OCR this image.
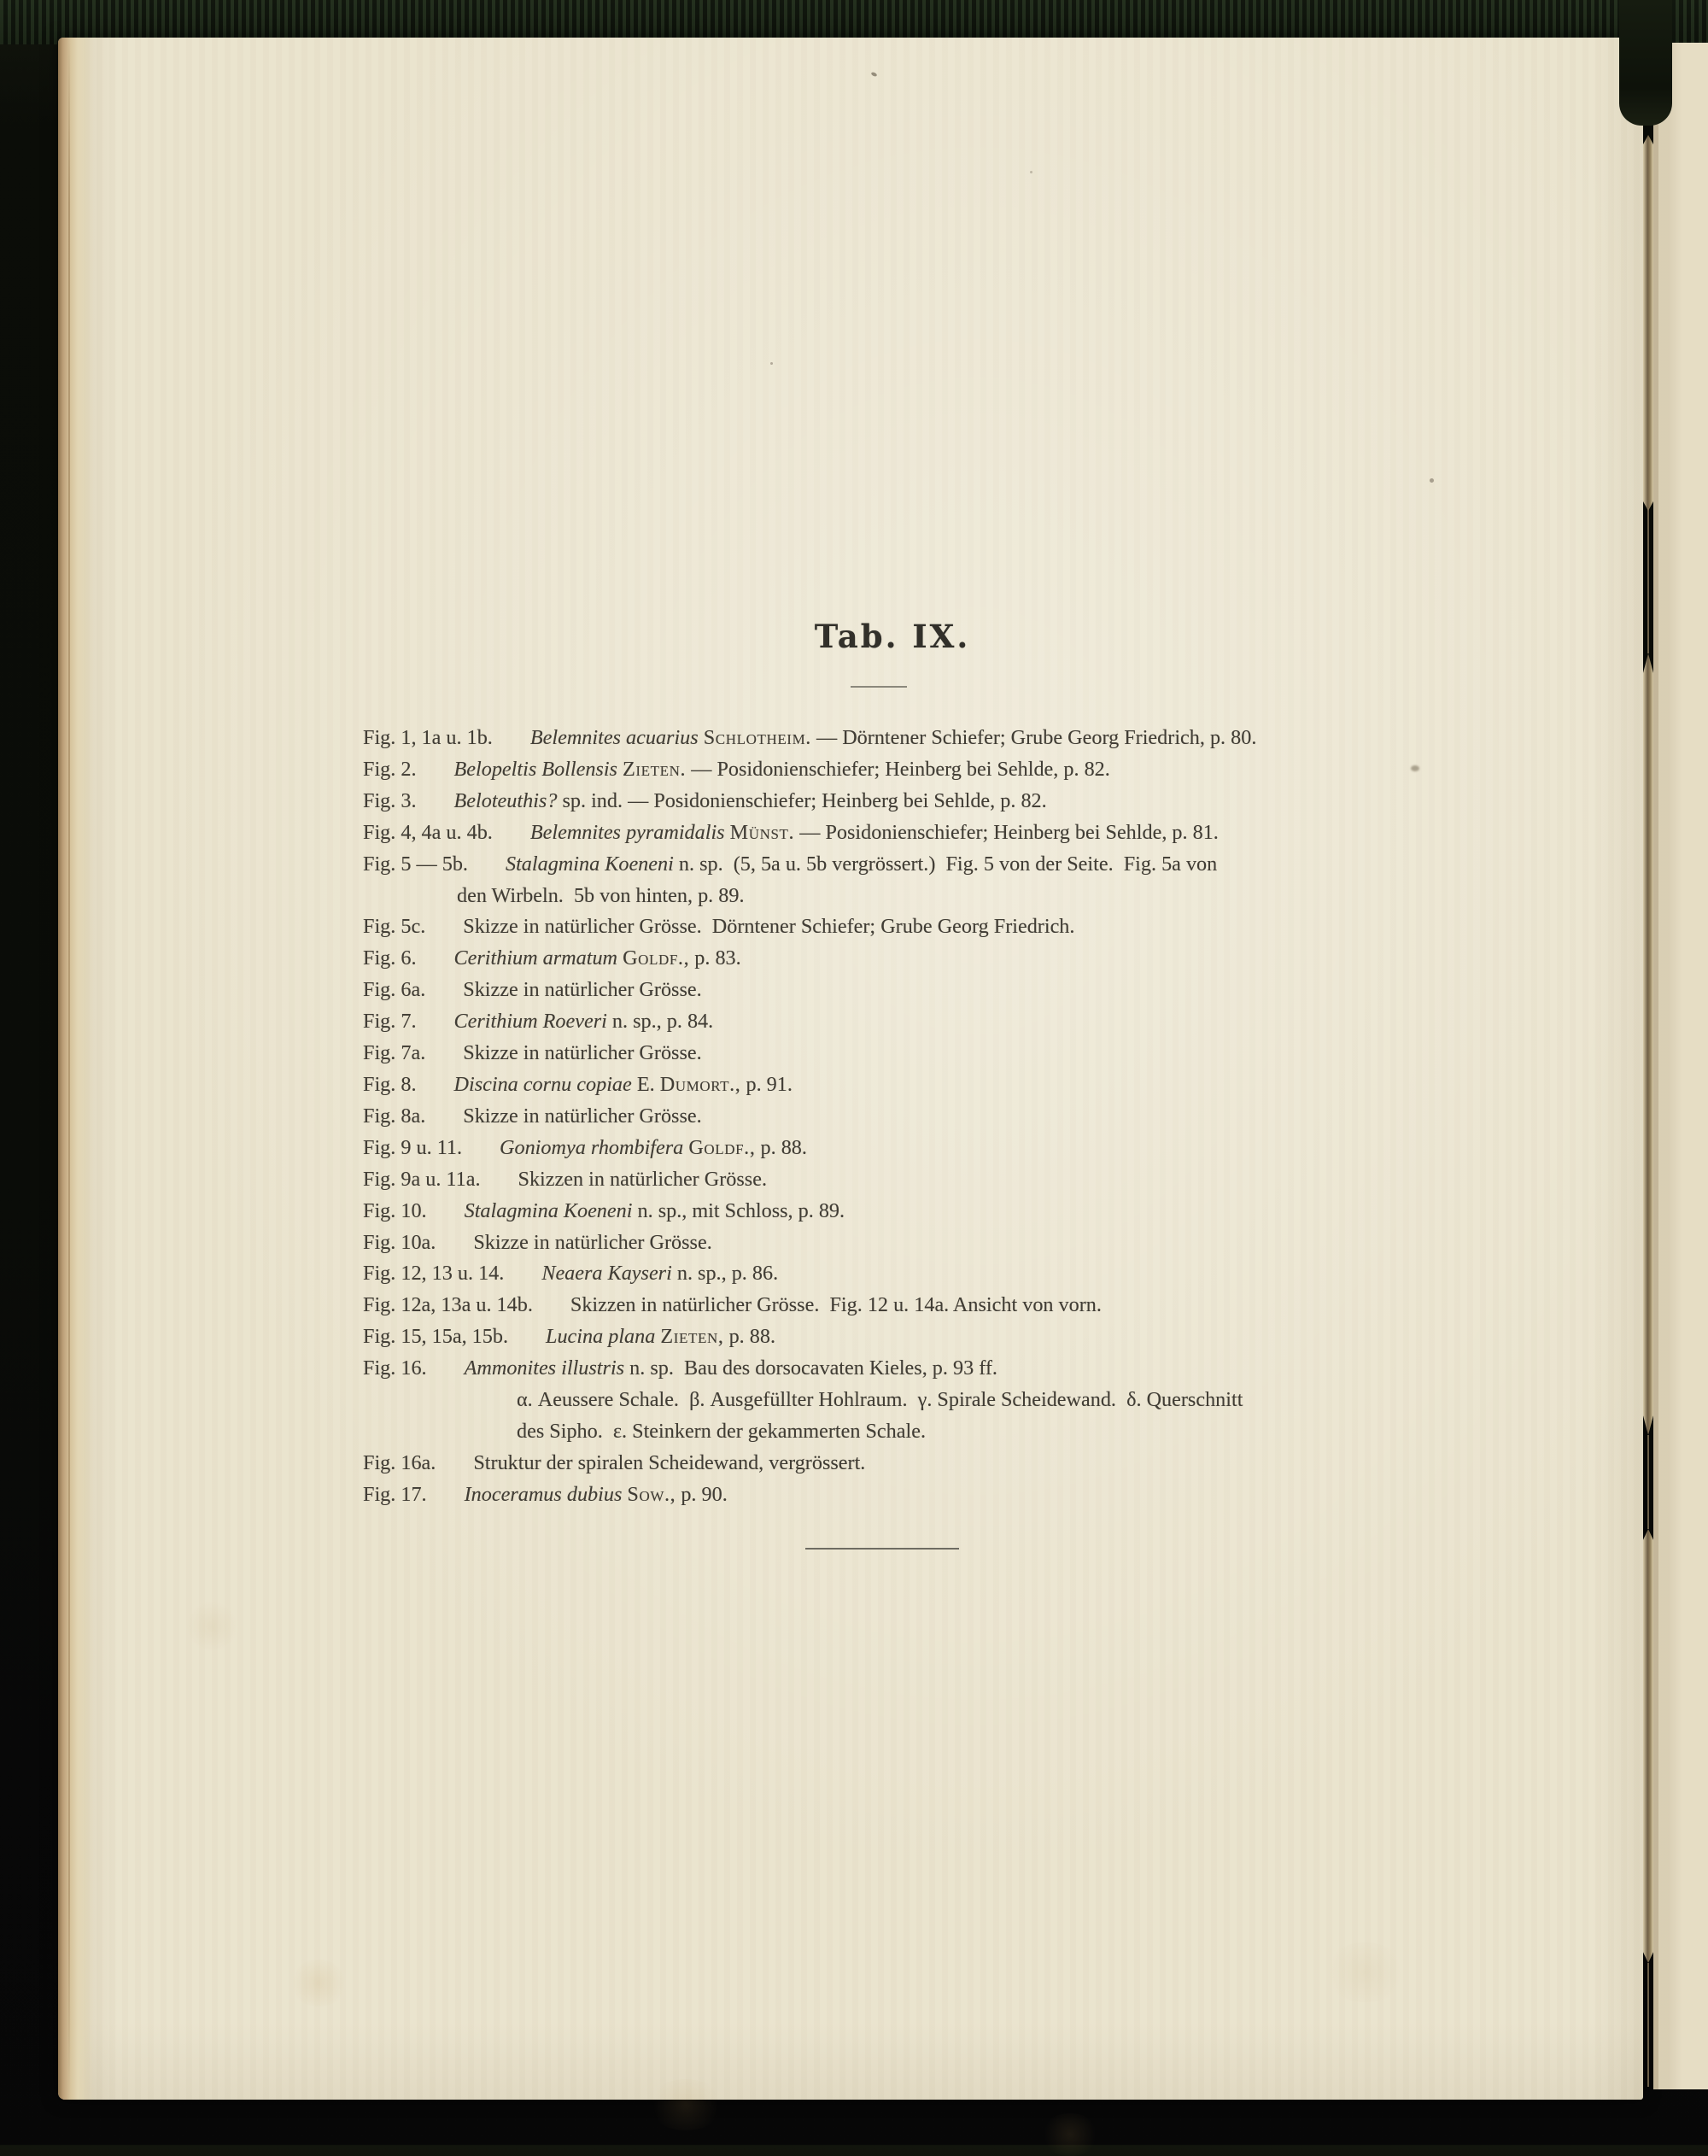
Tab. IX.
Fig. 1, 1a u. 1b. Belemnites acuarius Schlotheim. — Dörntener Schiefer; Grube Georg Friedrich, p. 80.
Fig. 2. Belopeltis Bollensis Zieten. — Posidonienschiefer; Heinberg bei Sehlde, p. 82.
Fig. 3. Beloteuthis? sp. ind. — Posidonienschiefer; Heinberg bei Sehlde, p. 82.
Fig. 4, 4a u. 4b. Belemnites pyramidalis Münst. — Posidonienschiefer; Heinberg bei Sehlde, p. 81.
Fig. 5 — 5b. Stalagmina Koeneni n. sp. (5, 5a u. 5b vergrössert.) Fig. 5 von der Seite. Fig. 5a von
den Wirbeln. 5b von hinten, p. 89.
Fig. 5c. Skizze in natürlicher Grösse. Dörntener Schiefer; Grube Georg Friedrich.
Fig. 6. Cerithium armatum Goldf., p. 83.
Fig. 6a. Skizze in natürlicher Grösse.
Fig. 7. Cerithium Roeveri n. sp., p. 84.
Fig. 7a. Skizze in natürlicher Grösse.
Fig. 8. Discina cornu copiae E. Dumort., p. 91.
Fig. 8a. Skizze in natürlicher Grösse.
Fig. 9 u. 11. Goniomya rhombifera Goldf., p. 88.
Fig. 9a u. 11a. Skizzen in natürlicher Grösse.
Fig. 10. Stalagmina Koeneni n. sp., mit Schloss, p. 89.
Fig. 10a. Skizze in natürlicher Grösse.
Fig. 12, 13 u. 14. Neaera Kayseri n. sp., p. 86.
Fig. 12a, 13a u. 14b. Skizzen in natürlicher Grösse. Fig. 12 u. 14a. Ansicht von vorn.
Fig. 15, 15a, 15b. Lucina plana Zieten, p. 88.
Fig. 16. Ammonites illustris n. sp. Bau des dorsocavaten Kieles, p. 93 ff.
α. Aeussere Schale. β. Ausgefüllter Hohlraum. γ. Spirale Scheidewand. δ. Querschnitt
des Sipho. ε. Steinkern der gekammerten Schale.
Fig. 16a. Struktur der spiralen Scheidewand, vergrössert.
Fig. 17. Inoceramus dubius Sow., p. 90.
